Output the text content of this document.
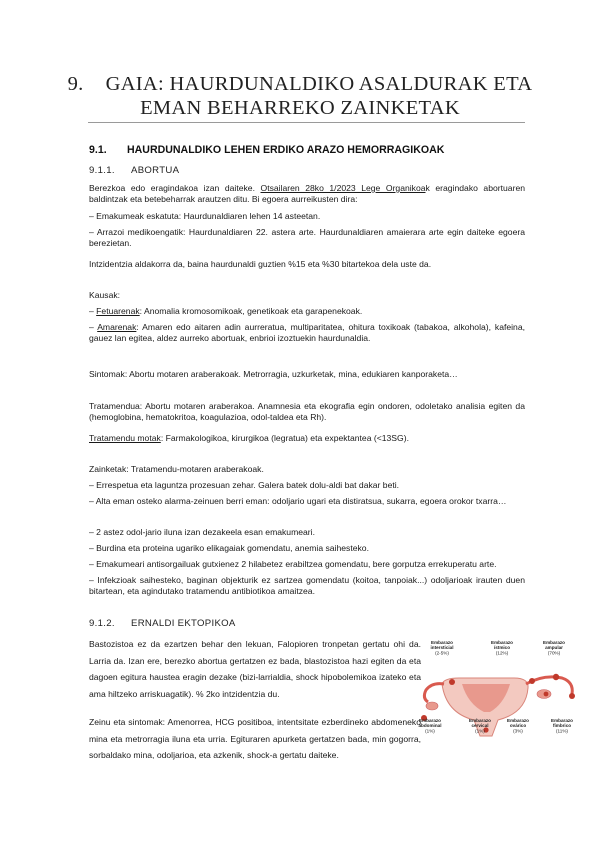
9. GAIA: HAURDUNALDIKO ASALDURAK ETA
EMAN BEHARREKO ZAINKETAK
9.1. HAURDUNALDIKO LEHEN ERDIKO ARAZO HEMORRAGIKOAK
9.1.1. ABORTUA
Berezkoa edo eragindakoa izan daiteke. Otsailaren 28ko 1/2023 Lege Organikoak eragindako abortuaren baldintzak eta betebeharrak arautzen ditu. Bi egoera aurreikusten dira:
– Emakumeak eskatuta: Haurdunaldiaren lehen 14 asteetan.
– Arrazoi medikoengatik: Haurdunaldiaren 22. astera arte. Haurdunaldiaren amaierara arte egin daiteke egoera berezietan.
Intzidentzia aldakorra da, baina haurdunaldi guztien %15 eta %30 bitartekoa dela uste da.
Kausak:
– Fetuarenak: Anomalia kromosomikoak, genetikoak eta garapenekoak.
– Amarenak: Amaren edo aitaren adin aurreratua, multiparitatea, ohitura toxikoak (tabakoa, alkohola), kafeina, gauez lan egitea, aldez aurreko abortuak, enbrioi izoztuekin haurdunaldia.
Sintomak: Abortu motaren araberakoak. Metrorragia, uzkurketak, mina, edukiaren kanporaketa…
Tratamendua: Abortu motaren araberakoa. Anamnesia eta ekografia egin ondoren, odoletako analisia egiten da (hemoglobina, hematokritoa, koagulazioa, odol-taldea eta Rh).
Tratamendu motak: Farmakologikoa, kirurgikoa (legratua) eta expektantea (<13SG).
Zainketak: Tratamendu-motaren araberakoak.
– Errespetua eta laguntza prozesuan zehar. Galera batek dolu-aldi bat dakar beti.
– Alta eman osteko alarma-zeinuen berri eman: odoljario ugari eta distiratsua, sukarra, egoera orokor txarra…
– 2 astez odol-jario iluna izan dezakeela esan emakumeari.
– Burdina eta proteina ugariko elikagaiak gomendatu, anemia saihesteko.
– Emakumeari antisorgailuak gutxienez 2 hilabetez erabiltzea gomendatu, bere gorputza errekuperatu arte.
– Infekzioak saihesteko, baginan objekturik ez sartzea gomendatu (koitoa, tanpoiak...) odoljarioak irauten duen bitartean, eta agindutako tratamendu antibiotikoa amaitzea.
9.1.2. ERNALDI EKTOPIKOA
Bastozistoa ez da ezartzen behar den lekuan, Falopioren tronpetan gertatu ohi da. Larria da. Izan ere, berezko abortua gertatzen ez bada, blastozistoa hazi egiten da eta dagoen egitura haustea eragin dezake (bizi-larrialdia, shock hipobolemikoa izateko eta ama hiltzeko arriskuagatik). % 2ko intzidentzia du.
Zeinu eta sintomak: Amenorrea, HCG positiboa, intentsitate ezberdineko abdomeneko mina eta metrorragia iluna eta urria. Egituraren apurketa gertatzen bada, min gogorra, sorbaldako mina, odoljarioa, eta azkenik, shock-a gertatu daiteke.
Embarazo intersticial (2-5%)
Embarazo ístmico (12%)
Embarazo ampular (70%)
Embarazo abdominal (1%)
Embarazo cervical (1%)
Embarazo ovárico (3%)
Embarazo fímbrico (11%)
